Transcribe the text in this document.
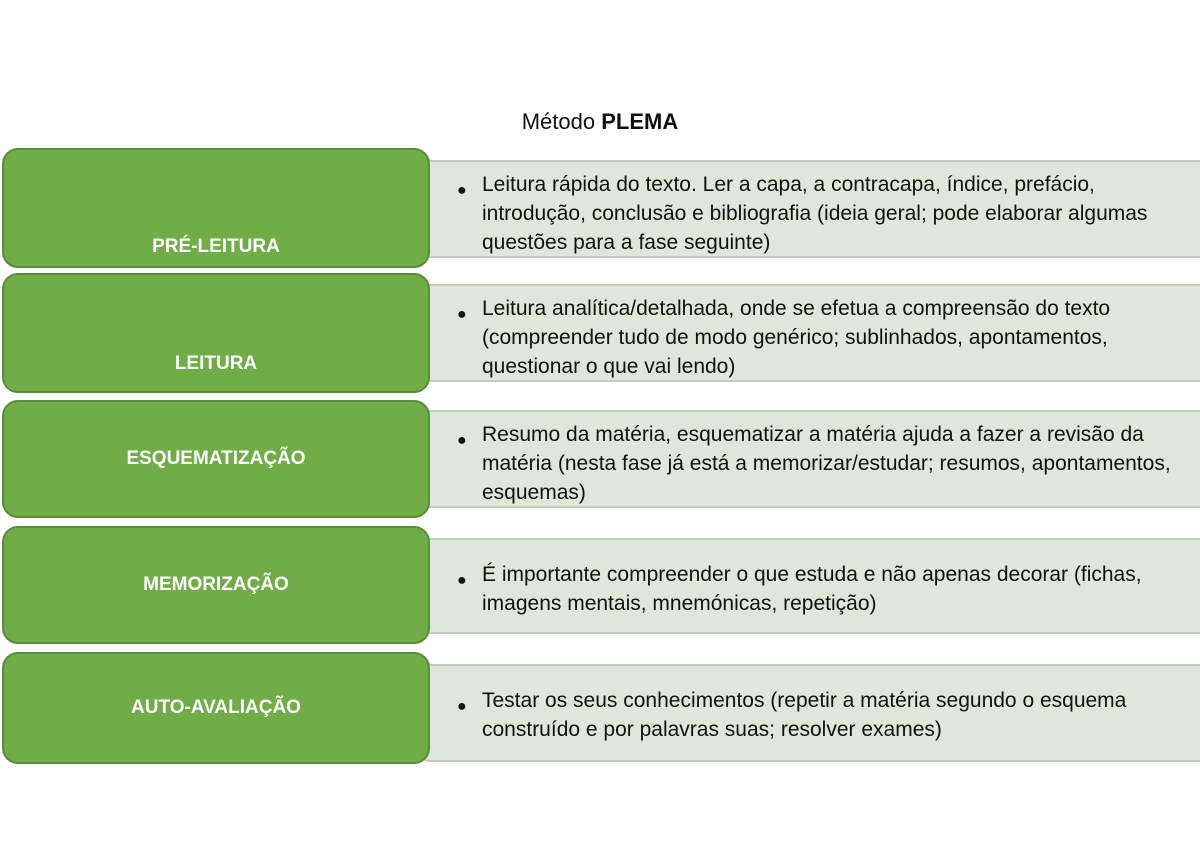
Método PLEMA
● Leitura rápida do texto. Ler a capa, a contracapa, índice, prefácio, introdução, conclusão e bibliografia (ideia geral; pode elaborar algumas questões para a fase seguinte)
PRÉ-LEITURA
● Leitura analítica/detalhada, onde se efetua a compreensão do texto (compreender tudo de modo genérico; sublinhados, apontamentos, questionar o que vai lendo)
LEITURA
● Resumo da matéria, esquematizar a matéria ajuda a fazer a revisão da matéria (nesta fase já está a memorizar/estudar; resumos, apontamentos, esquemas)
ESQUEMATIZAÇÃO
● É importante compreender o que estuda e não apenas decorar (fichas, imagens mentais, mnemónicas, repetição)
MEMORIZAÇÃO
● Testar os seus conhecimentos (repetir a matéria segundo o esquema construído e por palavras suas; resolver exames)
AUTO-AVALIAÇÃO
